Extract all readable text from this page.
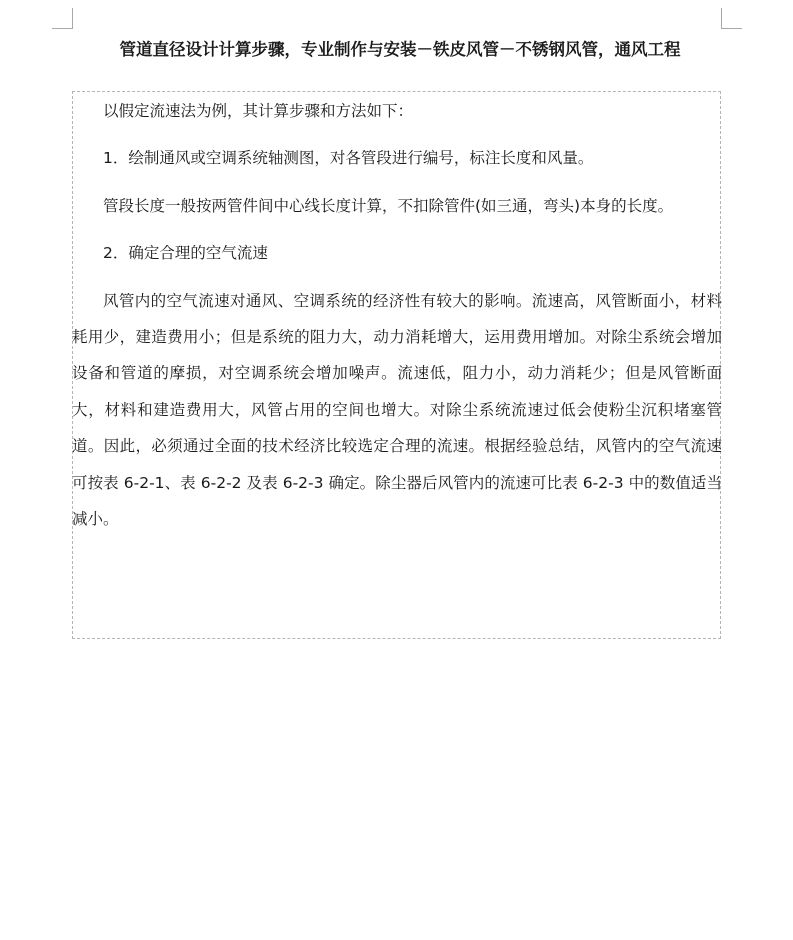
管道直径设计计算步骤，专业制作与安装－铁皮风管－不锈钢风管，通风工程

以假定流速法为例，其计算步骤和方法如下：

1．绘制通风或空调系统轴测图，对各管段进行编号，标注长度和风量。

管段长度一般按两管件间中心线长度计算，不扣除管件(如三通，弯头)本身的长度。

2．确定合理的空气流速

风管内的空气流速对通风、空调系统的经济性有较大的影响。流速高，风管断面小，材料耗用少，建造费用小；但是系统的阻力大，动力消耗增大，运用费用增加。对除尘系统会增加设备和管道的摩损，对空调系统会增加噪声。流速低，阻力小，动力消耗少；但是风管断面大，材料和建造费用大，风管占用的空间也增大。对除尘系统流速过低会使粉尘沉积堵塞管道。因此，必须通过全面的技术经济比较选定合理的流速。根据经验总结，风管内的空气流速可按表 6-2-1、表 6-2-2 及表 6-2-3 确定。除尘器后风管内的流速可比表 6-2-3 中的数值适当减小。
